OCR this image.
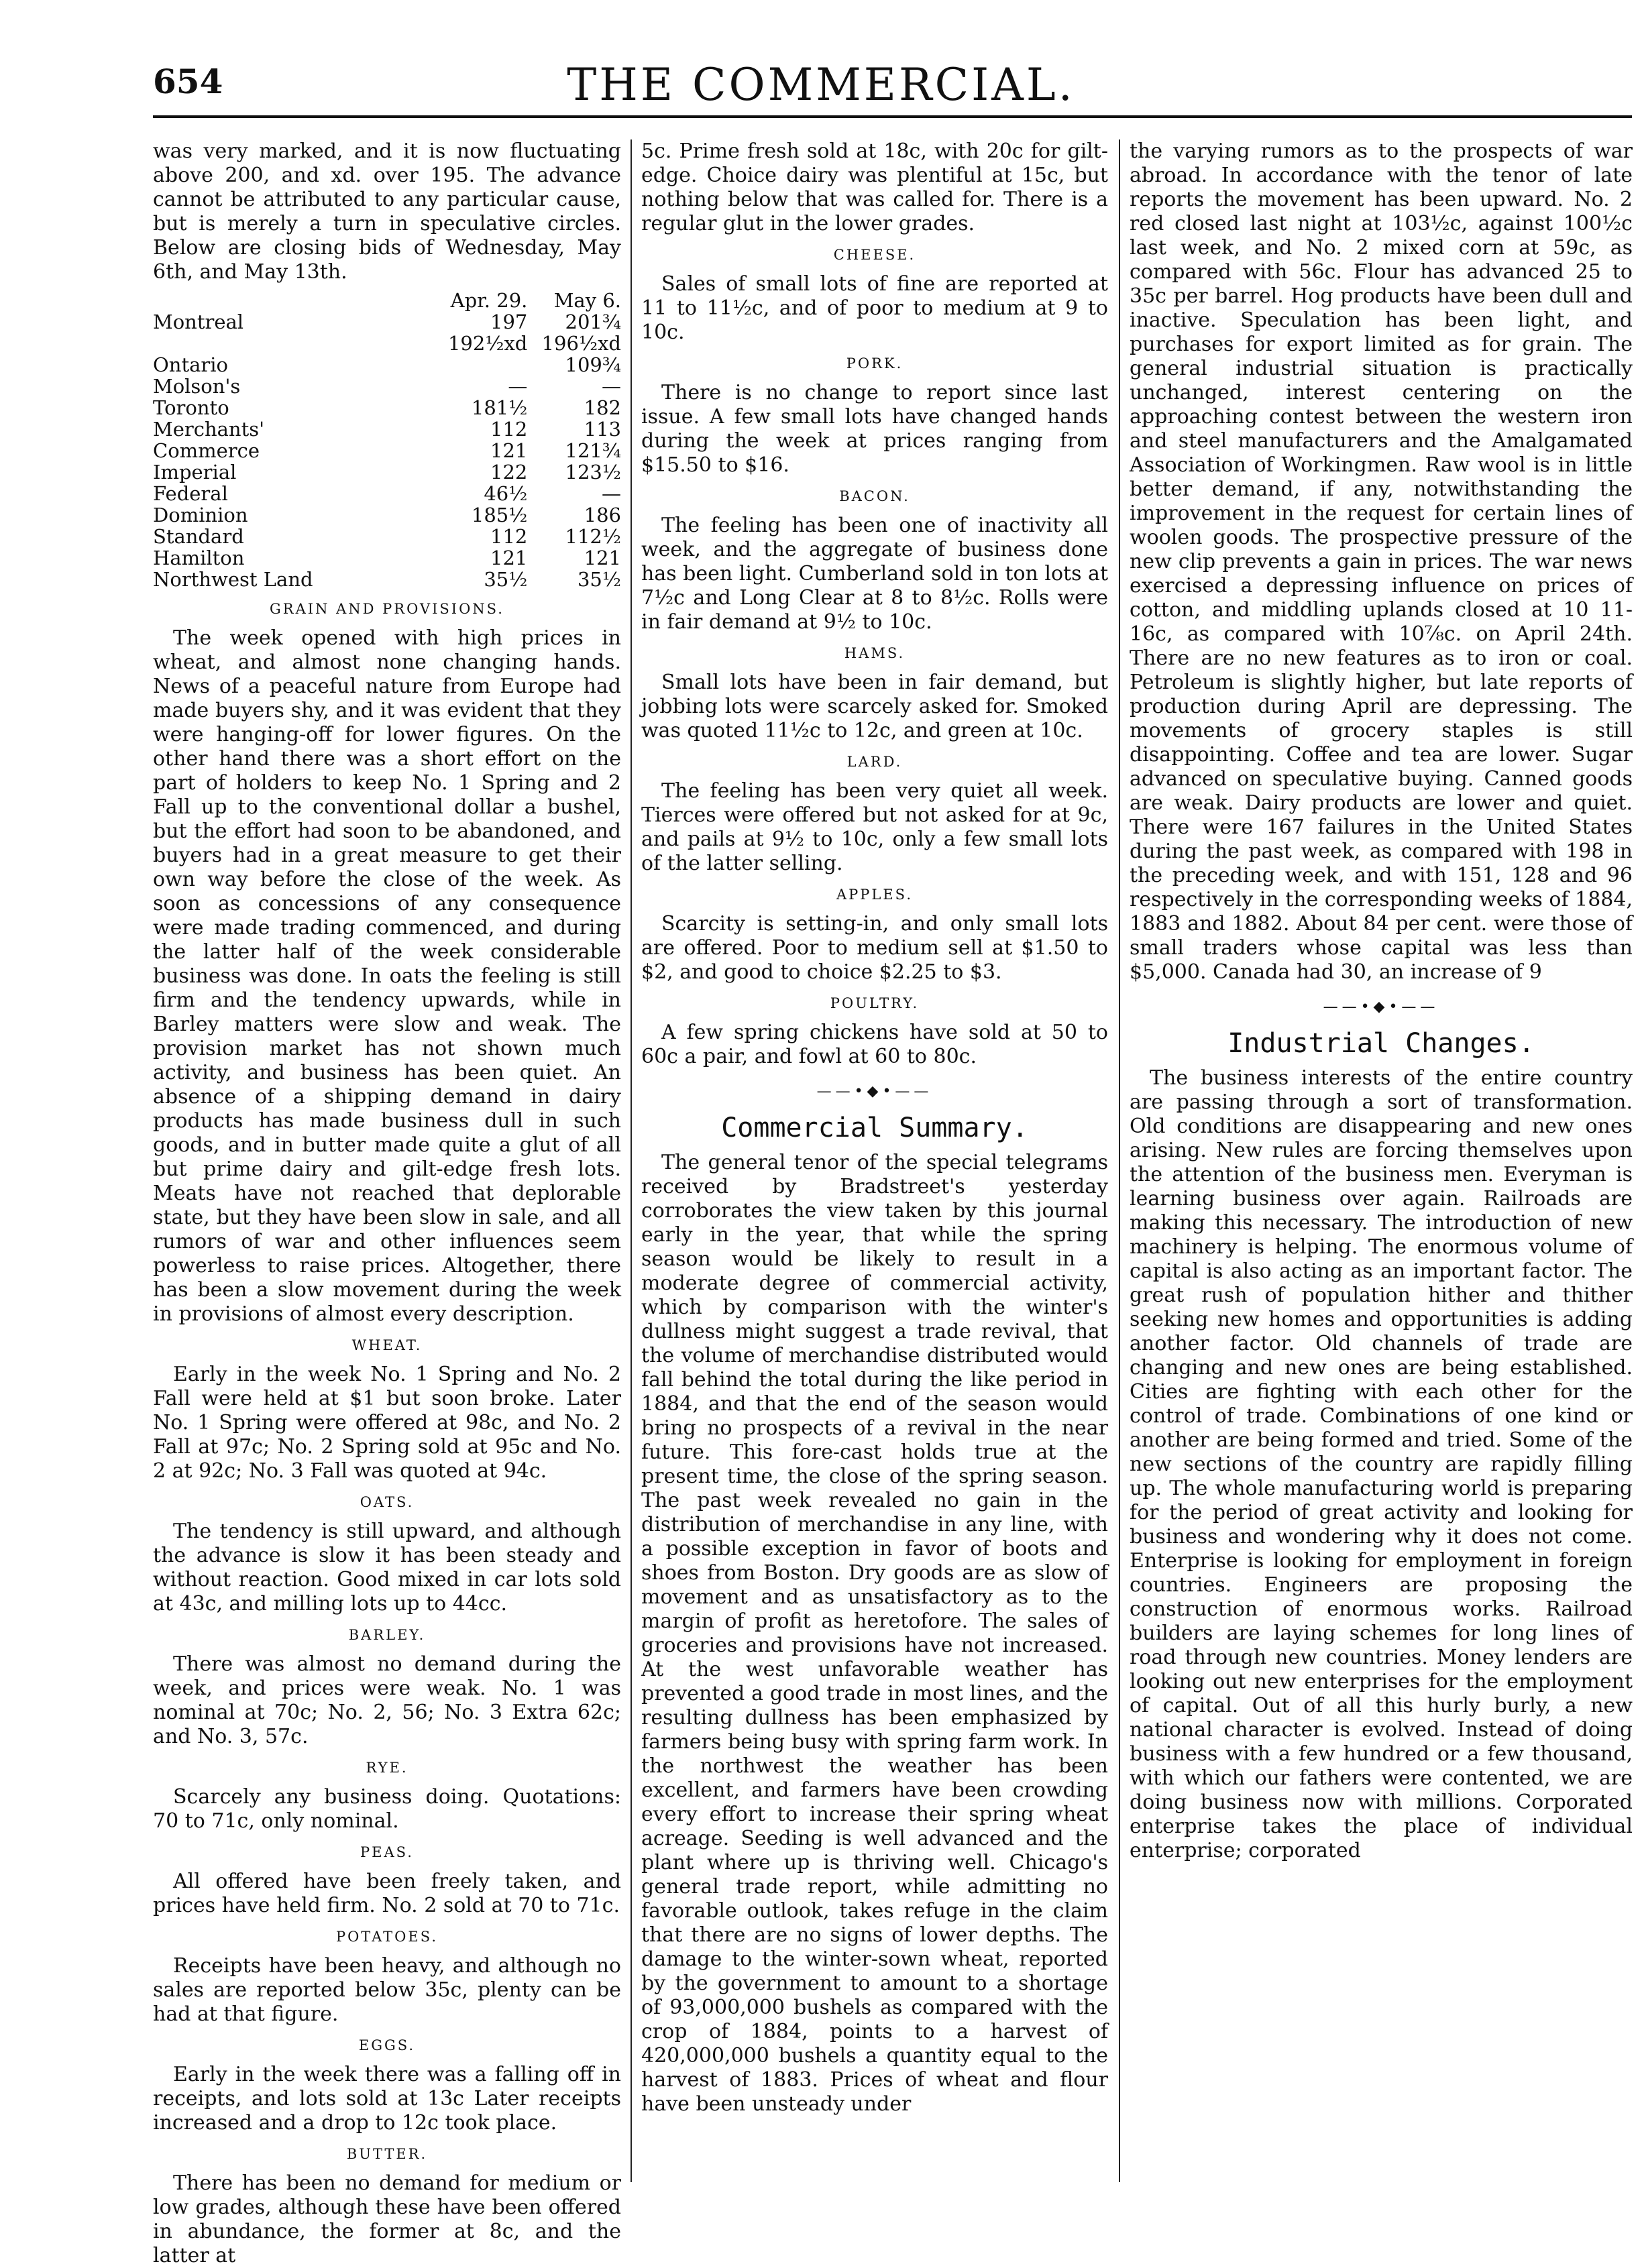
654	THE COMMERCIAL.

was very marked, and it is now fluctuating above 200, and xd. over 195. The advance cannot be attributed to any particular cause, but is merely a turn in speculative circles. Below are closing bids of Wednesday, May 6th, and May 13th.

		Apr. 29.	May 6.
Montreal		197	201¾
		192½xd	196½xd
Ontario			109¾
Molson's		—	—
Toronto		181½	182
Merchants'		112	113
Commerce		121	121¾
Imperial		122	123½
Federal		46½	—
Dominion		185½	186
Standard		112	112½
Hamilton		121	121
Northwest Land		35½	35½
GRAIN AND PROVISIONS.

The week opened with high prices in wheat, and almost none changing hands. News of a peaceful nature from Europe had made buyers shy, and it was evident that they were hanging-off for lower figures. On the other hand there was a short effort on the part of holders to keep No. 1 Spring and 2 Fall up to the conventional dollar a bushel, but the effort had soon to be abandoned, and buyers had in a great measure to get their own way before the close of the week. As soon as concessions of any consequence were made trading commenced, and during the latter half of the week considerable business was done. In oats the feeling is still firm and the tendency upwards, while in Barley matters were slow and weak. The provision market has not shown much activity, and business has been quiet. An absence of a shipping demand in dairy products has made business dull in such goods, and in butter made quite a glut of all but prime dairy and gilt-edge fresh lots. Meats have not reached that deplorable state, but they have been slow in sale, and all rumors of war and other influences seem powerless to raise prices. Altogether, there has been a slow movement during the week in provisions of almost every description.

WHEAT.

Early in the week No. 1 Spring and No. 2 Fall were held at $1 but soon broke. Later No. 1 Spring were offered at 98c, and No. 2 Fall at 97c; No. 2 Spring sold at 95c and No. 2 at 92c; No. 3 Fall was quoted at 94c.

OATS.

The tendency is still upward, and although the advance is slow it has been steady and without reaction. Good mixed in car lots sold at 43c, and milling lots up to 44cc.

BARLEY.

There was almost no demand during the week, and prices were weak. No. 1 was nominal at 70c; No. 2, 56; No. 3 Extra 62c; and No. 3, 57c.

RYE.

Scarcely any business doing. Quotations: 70 to 71c, only nominal.

PEAS.

All offered have been freely taken, and prices have held firm. No. 2 sold at 70 to 71c.

POTATOES.

Receipts have been heavy, and although no sales are reported below 35c, plenty can be had at that figure.

EGGS.

Early in the week there was a falling off in receipts, and lots sold at 13c Later receipts increased and a drop to 12c took place.

BUTTER.

There has been no demand for medium or low grades, although these have been offered in abundance, the former at 8c, and the latter at

5c. Prime fresh sold at 18c, with 20c for gilt-edge. Choice dairy was plentiful at 15c, but nothing below that was called for. There is a regular glut in the lower grades.

CHEESE.

Sales of small lots of fine are reported at 11 to 11½c, and of poor to medium at 9 to 10c.

PORK.

There is no change to report since last issue. A few small lots have changed hands during the week at prices ranging from $15.50 to $16.

BACON.

The feeling has been one of inactivity all week, and the aggregate of business done has been light. Cumberland sold in ton lots at 7½c and Long Clear at 8 to 8½c. Rolls were in fair demand at 9½ to 10c.

HAMS.

Small lots have been in fair demand, but jobbing lots were scarcely asked for. Smoked was quoted 11½c to 12c, and green at 10c.

LARD.

The feeling has been very quiet all week. Tierces were offered but not asked for at 9c, and pails at 9½ to 10c, only a few small lots of the latter selling.

APPLES.

Scarcity is setting-in, and only small lots are offered. Poor to medium sell at $1.50 to $2, and good to choice $2.25 to $3.

POULTRY.

A few spring chickens have sold at 50 to 60c a pair, and fowl at 60 to 80c.

——•◆•——
Commercial Summary.

The general tenor of the special telegrams received by Bradstreet's yesterday corroborates the view taken by this journal early in the year, that while the spring season would be likely to result in a moderate degree of commercial activity, which by comparison with the winter's dullness might suggest a trade revival, that the volume of merchandise distributed would fall behind the total during the like period in 1884, and that the end of the season would bring no prospects of a revival in the near future. This fore-cast holds true at the present time, the close of the spring season. The past week revealed no gain in the distribution of merchandise in any line, with a possible exception in favor of boots and shoes from Boston. Dry goods are as slow of movement and as unsatisfactory as to the margin of profit as heretofore. The sales of groceries and provisions have not increased. At the west unfavorable weather has prevented a good trade in most lines, and the resulting dullness has been emphasized by farmers being busy with spring farm work. In the northwest the weather has been excellent, and farmers have been crowding every effort to increase their spring wheat acreage. Seeding is well advanced and the plant where up is thriving well. Chicago's general trade report, while admitting no favorable outlook, takes refuge in the claim that there are no signs of lower depths. The damage to the winter-sown wheat, reported by the government to amount to a shortage of 93,000,000 bushels as compared with the crop of 1884, points to a harvest of 420,000,000 bushels a quantity equal to the harvest of 1883. Prices of wheat and flour have been unsteady under

the varying rumors as to the prospects of war abroad. In accordance with the tenor of late reports the movement has been upward. No. 2 red closed last night at 103½c, against 100½c last week, and No. 2 mixed corn at 59c, as compared with 56c. Flour has advanced 25 to 35c per barrel. Hog products have been dull and inactive. Speculation has been light, and purchases for export limited as for grain. The general industrial situation is practically unchanged, interest centering on the approaching contest between the western iron and steel manufacturers and the Amalgamated Association of Workingmen. Raw wool is in little better demand, if any, notwithstanding the improvement in the request for certain lines of woolen goods. The prospective pressure of the new clip prevents a gain in prices. The war news exercised a depressing influence on prices of cotton, and middling uplands closed at 10 11-16c, as compared with 10⅞c. on April 24th. There are no new features as to iron or coal. Petroleum is slightly higher, but late reports of production during April are depressing. The movements of grocery staples is still disappointing. Coffee and tea are lower. Sugar advanced on speculative buying. Canned goods are weak. Dairy products are lower and quiet. There were 167 failures in the United States during the past week, as compared with 198 in the preceding week, and with 151, 128 and 96 respectively in the corresponding weeks of 1884, 1883 and 1882. About 84 per cent. were those of small traders whose capital was less than $5,000. Canada had 30, an increase of 9

——•◆•——
Industrial Changes.

The business interests of the entire country are passing through a sort of transformation. Old conditions are disappearing and new ones arising. New rules are forcing themselves upon the attention of the business men. Everyman is learning business over again. Railroads are making this necessary. The introduction of new machinery is helping. The enormous volume of capital is also acting as an important factor. The great rush of population hither and thither seeking new homes and opportunities is adding another factor. Old channels of trade are changing and new ones are being established. Cities are fighting with each other for the control of trade. Combinations of one kind or another are being formed and tried. Some of the new sections of the country are rapidly filling up. The whole manufacturing world is preparing for the period of great activity and looking for business and wondering why it does not come. Enterprise is looking for employment in foreign countries. Engineers are proposing the construction of enormous works. Railroad builders are laying schemes for long lines of road through new countries. Money lenders are looking out new enterprises for the employment of capital. Out of all this hurly burly, a new national character is evolved. Instead of doing business with a few hundred or a few thousand, with which our fathers were contented, we are doing business now with millions. Corporated enterprise takes the place of individual enterprise; corporated
